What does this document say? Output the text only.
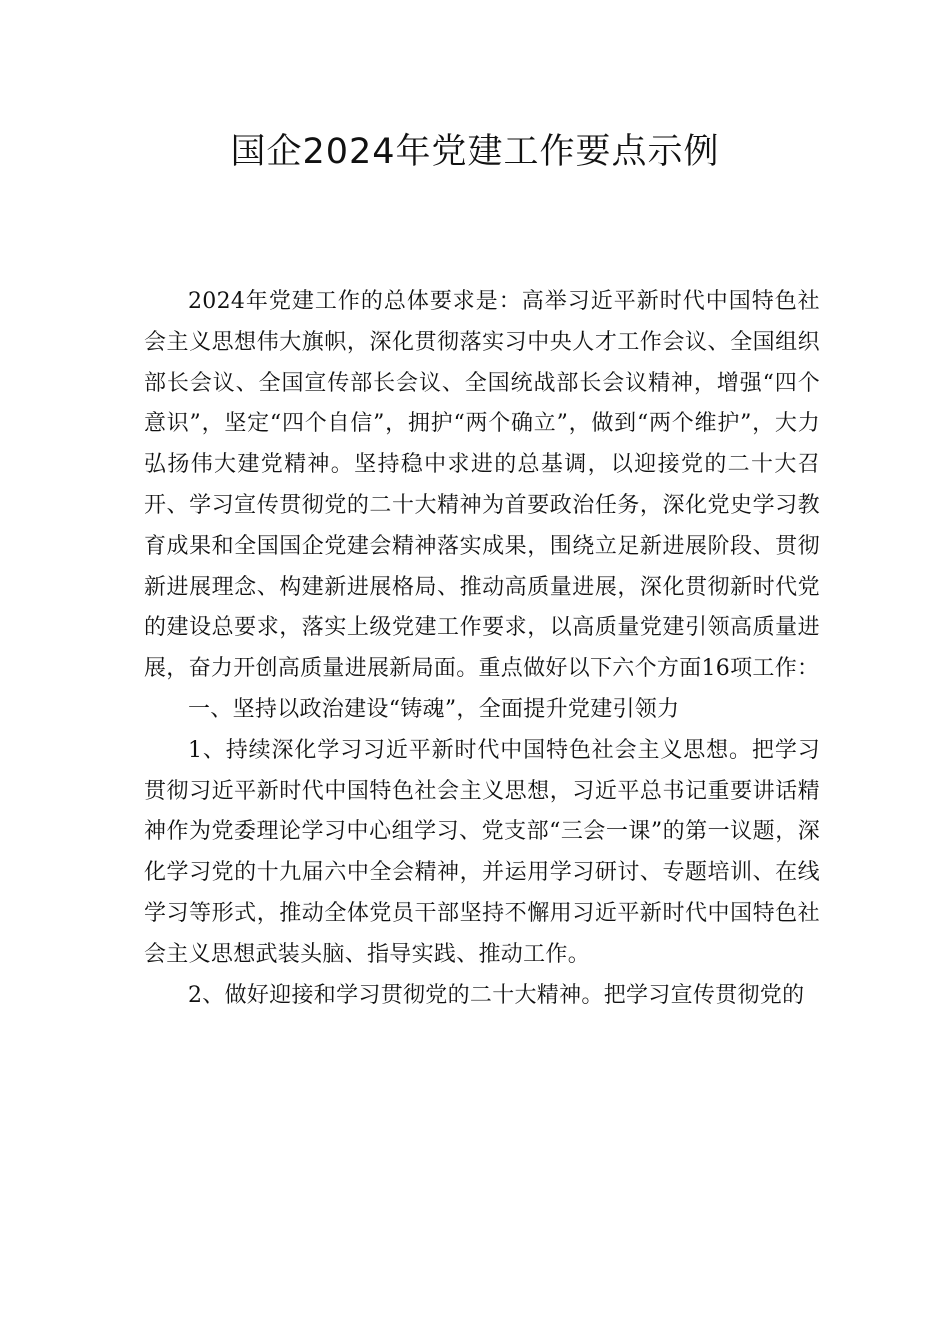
国企2024年党建工作要点示例

2024年党建工作的总体要求是：高举习近平新时代中国特色社会主义思想伟大旗帜，深化贯彻落实习中央人才工作会议、全国组织部长会议、全国宣传部长会议、全国统战部长会议精神，增强“四个意识”，坚定“四个自信”，拥护“两个确立”，做到“两个维护”，大力弘扬伟大建党精神。坚持稳中求进的总基调，以迎接党的二十大召开、学习宣传贯彻党的二十大精神为首要政治任务，深化党史学习教育成果和全国国企党建会精神落实成果，围绕立足新进展阶段、贯彻新进展理念、构建新进展格局、推动高质量进展，深化贯彻新时代党的建设总要求，落实上级党建工作要求，以高质量党建引领高质量进展，奋力开创高质量进展新局面。重点做好以下六个方面16项工作：

一、坚持以政治建设“铸魂”，全面提升党建引领力

1、持续深化学习习近平新时代中国特色社会主义思想。把学习贯彻习近平新时代中国特色社会主义思想，习近平总书记重要讲话精神作为党委理论学习中心组学习、党支部“三会一课”的第一议题，深化学习党的十九届六中全会精神，并运用学习研讨、专题培训、在线学习等形式，推动全体党员干部坚持不懈用习近平新时代中国特色社会主义思想武装头脑、指导实践、推动工作。

2、做好迎接和学习贯彻党的二十大精神。把学习宣传贯彻党的
